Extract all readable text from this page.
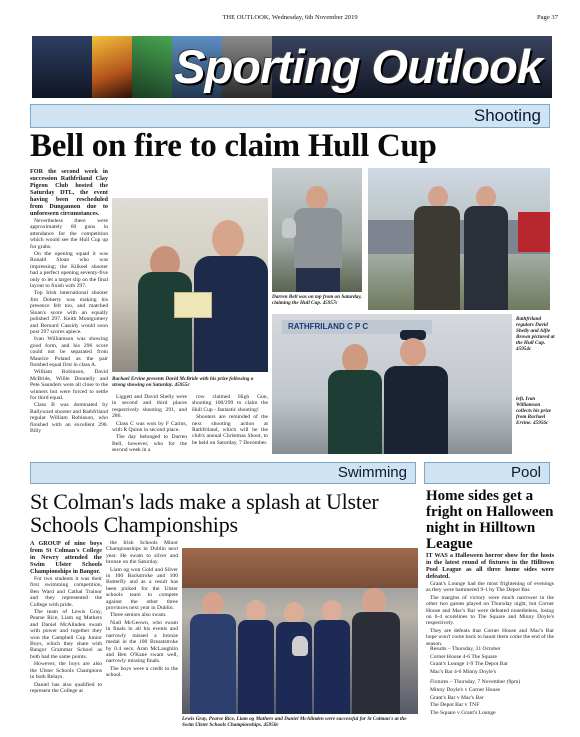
THE OUTLOOK, Wednesday, 6th November 2019	Page 37
Sporting Outlook
Shooting
Bell on fire to claim Hull Cup

FOR the second week in succession Rathfriland Clay Pigeon Club hosted the Saturday DTL, the event having been rescheduled from Dungannon due to unforeseen circumstances.

Nevertheless there were approximately 60 guns in attendance for the competition which would see the Hull Cup up for grabs.

On the opening squad it was Ronald Sloan who was impressing; the Kilkeel shooter had a perfect opening seventy-five only to let a target slip on the final layout to finish with 297.

Top Irish international shooter Jim Doherty was making his presence felt too, and matched Sloan's score with an equally polished 297. Keith Montgomery and Bernard Cassidy would soon post 297 scores apiece.

Ivan Williamson was showing good form, and his 296 score could not be separated from Maurice Poland as the pair finished equal first in class A.

William Robinson, David McBride, Willie Donnelly and Pete Saunders were all close to the winners but were forced to settle for third equal.

Class B was dominated by Ballyward shooter and Rathfriland regular William Robinson, who finished with an excellent 296. Billy

Rachael Ervine presents David McBride with his prize following a strong showing on Saturday. 45955c

Liggett and David Shelly were in second and third places respectively shooting 291, and 286.

Class C was won by F Cairns, with R Quinn in second place.

The day belonged to Darren Bell, however, who for the second week in a

row claimed High Gun, shooting 100/299 to claim the Hull Cup - fantastic shooting!

Shooters are reminded of the next shooting action at Rathfriland, which will be the club's annual Christmas Shoot, to be held on Saturday, 7 December.

Darren Bell was on top from on Saturday, claiming the Hull Cup. 45957c
Rathfriland regulars David Shelly and Alfie Brown pictured at the Hull Cup. 45954c
RATHFRILAND C P C
left, Ivan Williamson collects his prize from Rachael Ervine. 45956c
Swimming
St Colman's lads make a splash at Ulster Schools Championships

A GROUP of nine boys from St Colman's College in Newry attended the Swim Ulster Schools Championships in Bangor.

For two students it was their first swimming competition, Ben Ward and Cathal Trainor and they represented the College with pride.

The team of Lewis Gray, Pearse Rice, Liam og Mathers and Daniel McAlinden swam with power and together they won the Campbell Cup Junior Boys, which they share with Bangor Grammar School as both had the same points.

However, the boys are also the Ulster Schools Champions in both Relays.

Daniel has also qualified to represent the College at

the Irish Schools Minor Championships in Dublin next year. He swam to silver and bronze on the Saturday.

Liam og won Gold and Silver in 100 Backstroke and 100 Butterfly and as a result has been picked for the Ulster schools team to compete against the other three provinces next year in Dublin.

Three seniors also swam.

Niall McGeown, who swam in finals in all his events and narrowly missed a bronze medal in the 100 Breaststroke by 0.4 secs. Aran McLaughlin and Ben O'Kane swam well, narrowly missing finals.

The boys were a credit to the school.

Lewis Gray, Pearse Rice, Liam og Mathers and Daniel McAlinden were successful for St Colman's at the Swim Ulster Schools Championships. 45950c
Pool
Home sides get a fright on Halloween night in Hilltown League

IT WAS a Halloween horror show for the hosts in the latest round of fixtures in the Hilltown Pool League as all three home sides were defeated.

Grant's Lounge had the most frightening of evenings as they were hammered 9-1 by The Depot Bar.

The margins of victory were much narrower in the other two games played on Thursday night, but Corner House and Mac's Bar were defeated nonetheless, losing on 6-4 scorelines to The Square and Minny Doyle's respectively.

They are defeats that Corner House and Mac's Bar hope won't come back to haunt them come the end of the season.

Results – Thursday, 31 October

Corner House 4-6 The Square

Grant's Lounge 1-9 The Depot Bar

Mac's Bar 4-6 Minny Doyle's

Fixtures – Thursday, 7 November (9pm)

Minny Doyle's v Corner House

Grant's Bar v Mac's Bar

The Depot Bar v TNF

The Square v Grant's Lounge
